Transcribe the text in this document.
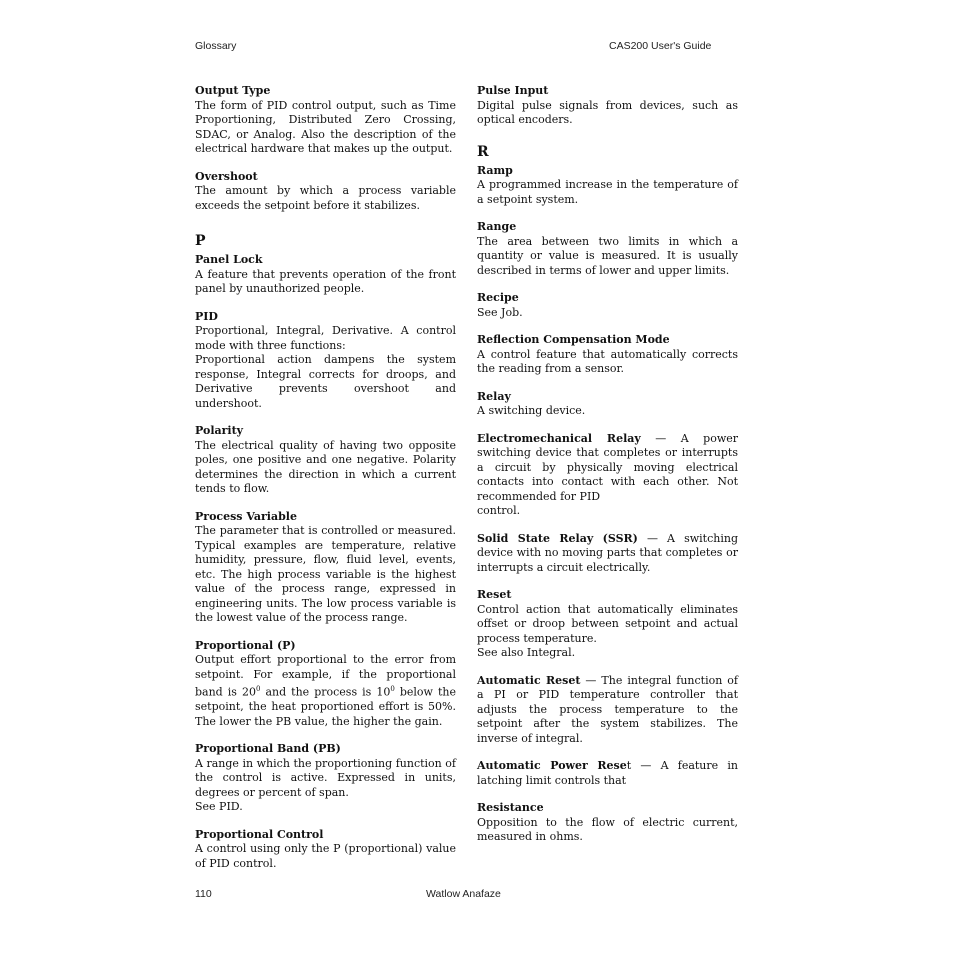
Glossary	CAS200 User's Guide
Output Type
The form of PID control output, such as Time Proportioning, Distributed Zero Crossing, SDAC, or Analog. Also the description of the electrical hardware that makes up the output.
Overshoot
The amount by which a process variable exceeds the setpoint before it stabilizes.
P
Panel Lock
A feature that prevents operation of the front panel by unauthorized people.
PID
Proportional, Integral, Derivative. A control mode with three functions:
Proportional action dampens the system response, Integral corrects for droops, and Derivative prevents overshoot and undershoot.
Polarity
The electrical quality of having two opposite poles, one positive and one negative. Polarity determines the direction in which a current tends to flow.
Process Variable
The parameter that is controlled or measured. Typical examples are temperature, relative humidity, pressure, flow, fluid level, events, etc. The high process variable is the highest value of the process range, expressed in engineering units. The low process variable is the lowest value of the process range.
Proportional (P)
Output effort proportional to the error from setpoint. For example, if the proportional band is $20^0$ and the process is $10^0$ below the setpoint, the heat proportioned effort is 50%. The lower the PB value, the higher the gain.
Proportional Band (PB)
A range in which the proportioning function of the control is active. Expressed in units, degrees or percent of span.
See PID.
Proportional Control
A control using only the P (proportional) value of PID control.
Pulse Input
Digital pulse signals from devices, such as optical encoders.
R
Ramp
A programmed increase in the temperature of a setpoint system.
Range
The area between two limits in which a quantity or value is measured. It is usually described in terms of lower and upper limits.
Recipe
See Job.
Reflection Compensation Mode
A control feature that automatically corrects the reading from a sensor.
Relay
A switching device.
Electromechanical Relay — A power switching device that completes or interrupts a circuit by physically moving electrical contacts into contact with each other. Not recommended for PID
control.
Solid State Relay (SSR) — A switching device with no moving parts that completes or interrupts a circuit electrically.
Reset
Control action that automatically eliminates offset or droop between setpoint and actual process temperature.
See also Integral.
Automatic Reset — The integral function of a PI or PID temperature controller that adjusts the process temperature to the setpoint after the system stabilizes. The inverse of integral.
Automatic Power Reset — A feature in latching limit controls that
Resistance
Opposition to the flow of electric current, measured in ohms.
110	Watlow Anafaze
